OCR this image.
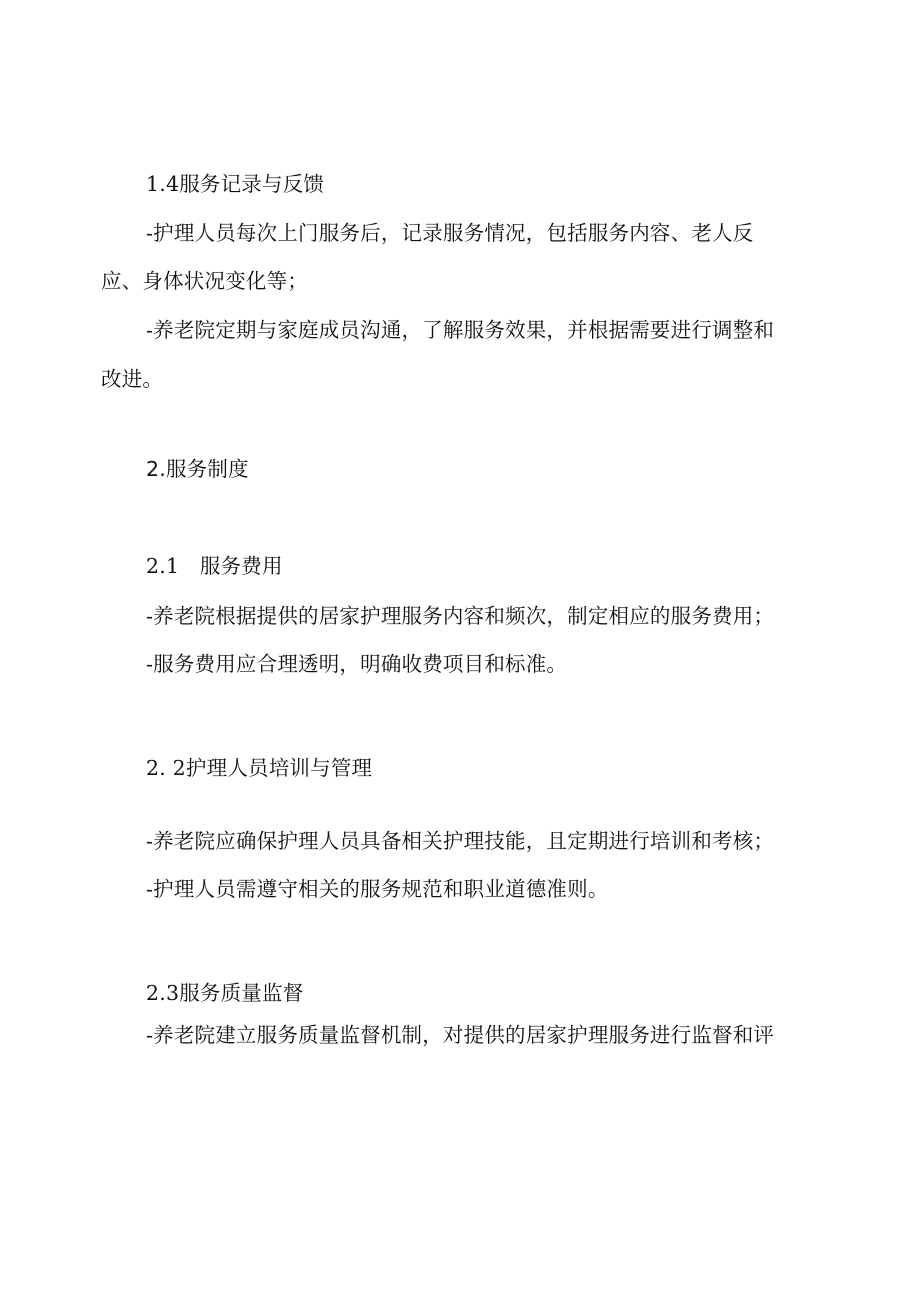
1.4服务记录与反馈
-护理人员每次上门服务后，记录服务情况，包括服务内容、老人反
应、身体状况变化等；
-养老院定期与家庭成员沟通，了解服务效果，并根据需要进行调整和
改进。
2.服务制度
2.1　服务费用
-养老院根据提供的居家护理服务内容和频次，制定相应的服务费用；
-服务费用应合理透明，明确收费项目和标准。
2. 2护理人员培训与管理
-养老院应确保护理人员具备相关护理技能，且定期进行培训和考核；
-护理人员需遵守相关的服务规范和职业道德准则。
2.3服务质量监督
-养老院建立服务质量监督机制，对提供的居家护理服务进行监督和评
